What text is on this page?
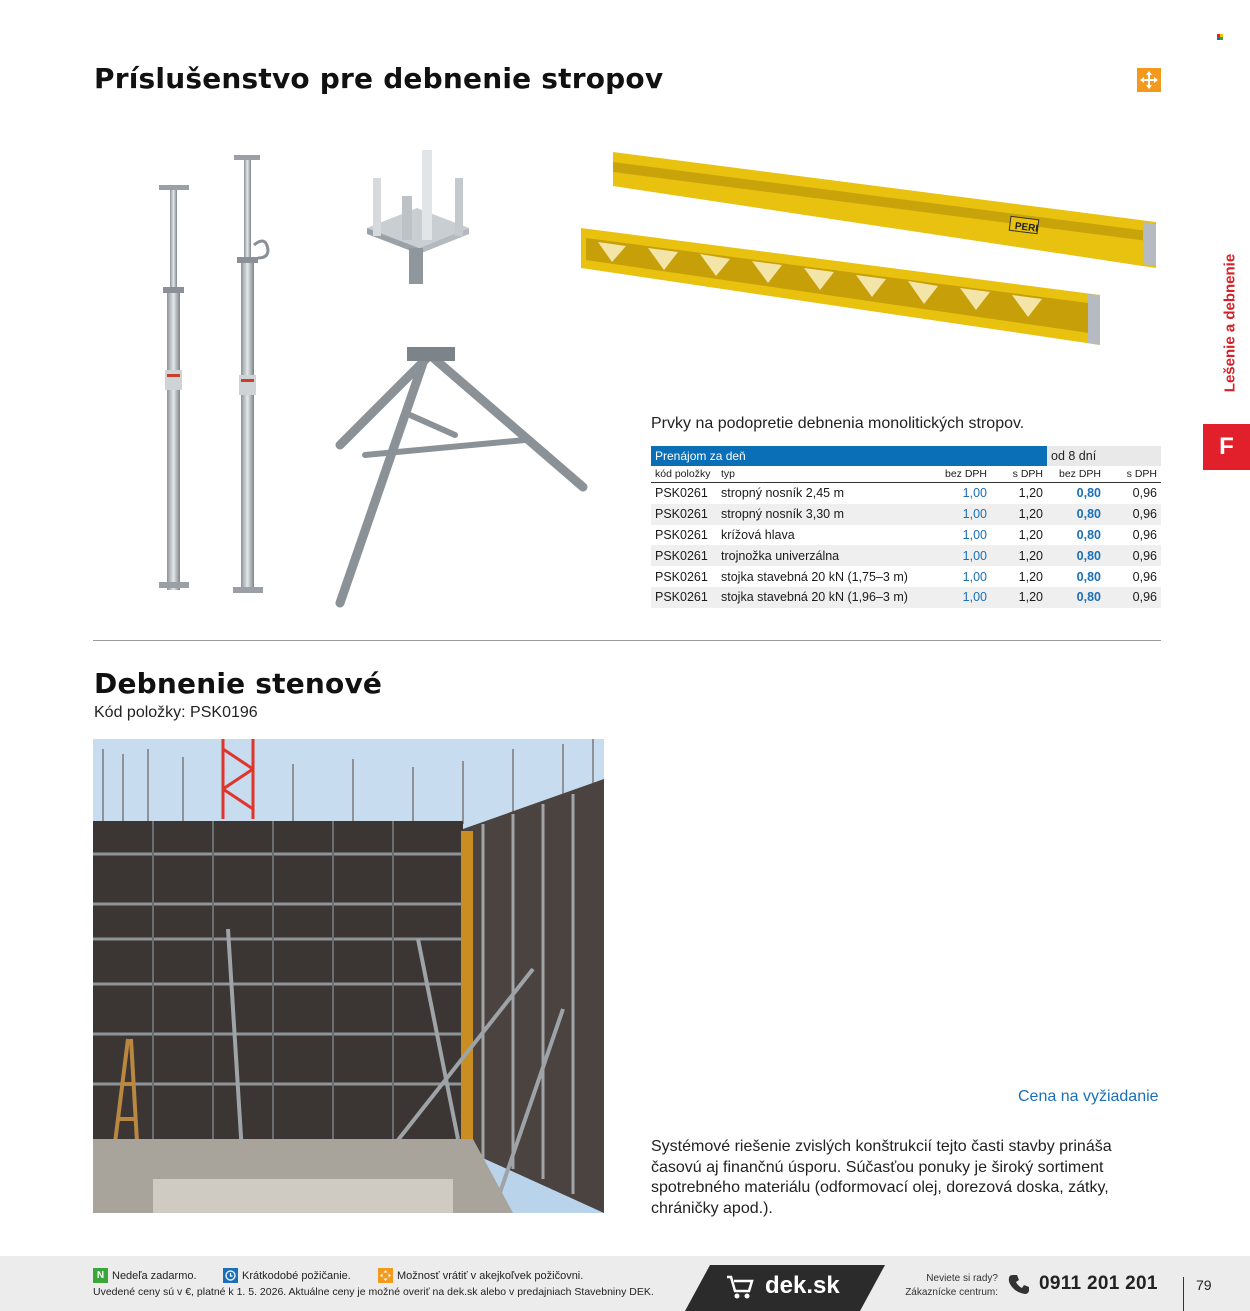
Príslušenstvo pre debnenie stropov
Lešenie a debnenie
F
PERI
Prvky na podopretie debnenia monolitických stropov.
Prenájom za deň				od 8 dní	
kód položky	typ	bez DPH	s DPH	bez DPH	s DPH
PSK0261	stropný nosník 2,45 m	1,00	1,20	0,80	0,96
PSK0261	stropný nosník 3,30 m	1,00	1,20	0,80	0,96
PSK0261	krížová hlava	1,00	1,20	0,80	0,96
PSK0261	trojnožka univerzálna	1,00	1,20	0,80	0,96
PSK0261	stojka stavebná 20 kN (1,75–3 m)	1,00	1,20	0,80	0,96
PSK0261	stojka stavebná 20 kN (1,96–3 m)	1,00	1,20	0,80	0,96
Debnenie stenové
Kód položky: PSK0196
Cena na vyžiadanie
Systémové riešenie zvislých konštrukcií tejto časti stavby prináša časovú aj finančnú úsporu. Súčasťou ponuky je široký sortiment spotrebného materiálu (odformovací olej, dorezová doska, zátky, chráničky apod.).
N Nedeľa zadarmo.	Krátkodobé požičanie.	Možnosť vrátiť v akejkoľvek požičovni.
Uvedené ceny sú v €, platné k 1. 5. 2026. Aktuálne ceny je možné overiť na dek.sk alebo v predajniach Stavebniny DEK.	dek.sk	Neviete si rady?
Zákaznícke centrum: 0911 201 201	79
